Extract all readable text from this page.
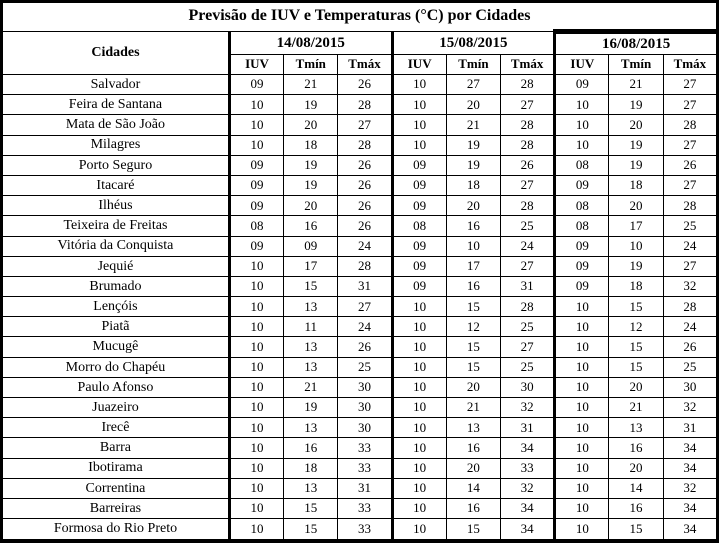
Previsão de IUV e Temperaturas (°C) por Cidades									
Cidades	14/08/2015			15/08/2015			16/08/2015		
	IUV	Tmín	Tmáx	IUV	Tmín	Tmáx	IUV	Tmín	Tmáx
Salvador	09	21	26	10	27	28	09	21	27
Feira de Santana	10	19	28	10	20	27	10	19	27
Mata de São João	10	20	27	10	21	28	10	20	28
Milagres	10	18	28	10	19	28	10	19	27
Porto Seguro	09	19	26	09	19	26	08	19	26
Itacaré	09	19	26	09	18	27	09	18	27
Ilhéus	09	20	26	09	20	28	08	20	28
Teixeira de Freitas	08	16	26	08	16	25	08	17	25
Vitória da Conquista	09	09	24	09	10	24	09	10	24
Jequié	10	17	28	09	17	27	09	19	27
Brumado	10	15	31	09	16	31	09	18	32
Lençóis	10	13	27	10	15	28	10	15	28
Piatã	10	11	24	10	12	25	10	12	24
Mucugê	10	13	26	10	15	27	10	15	26
Morro do Chapéu	10	13	25	10	15	25	10	15	25
Paulo Afonso	10	21	30	10	20	30	10	20	30
Juazeiro	10	19	30	10	21	32	10	21	32
Irecê	10	13	30	10	13	31	10	13	31
Barra	10	16	33	10	16	34	10	16	34
Ibotirama	10	18	33	10	20	33	10	20	34
Correntina	10	13	31	10	14	32	10	14	32
Barreiras	10	15	33	10	16	34	10	16	34
Formosa do Rio Preto	10	15	33	10	15	34	10	15	34
